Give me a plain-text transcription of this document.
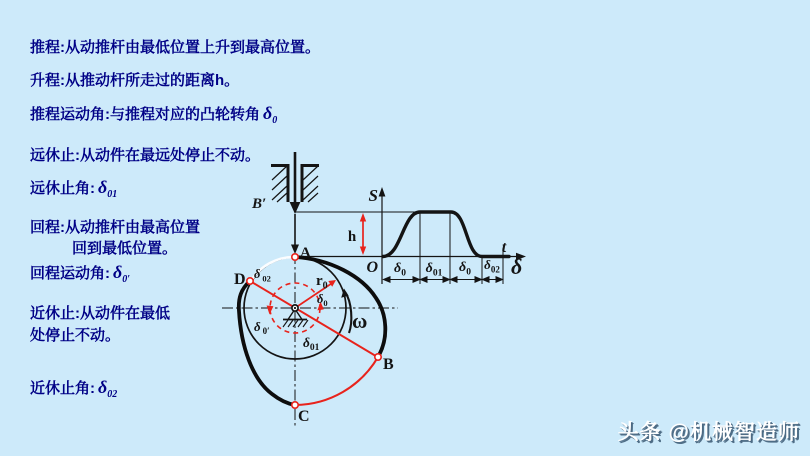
推程:从动推杆由最低位置上升到最高位置。
升程:从推动杆所走过的距离h。
推程运动角:与推程对应的凸轮转角 $\delta_0$
远休止:从动件在最远处停止不动。
远休止角: $\delta_{01}$
回程:从动推杆由最高位置
回到最低位置。
回程运动角: $\delta_{0'}$
近休止:从动件在最低
处停止不动。
近休止角: $\delta_{02}$
S
t
δ
O
h
$\delta_0$ $\delta_{01}$ $\delta_0$
$\delta_{02}$
B′
A
D
B
C
$r_0$
ω
δ0
δ01
δ 0′
δ $_{02}$
头条 @机械智造师
